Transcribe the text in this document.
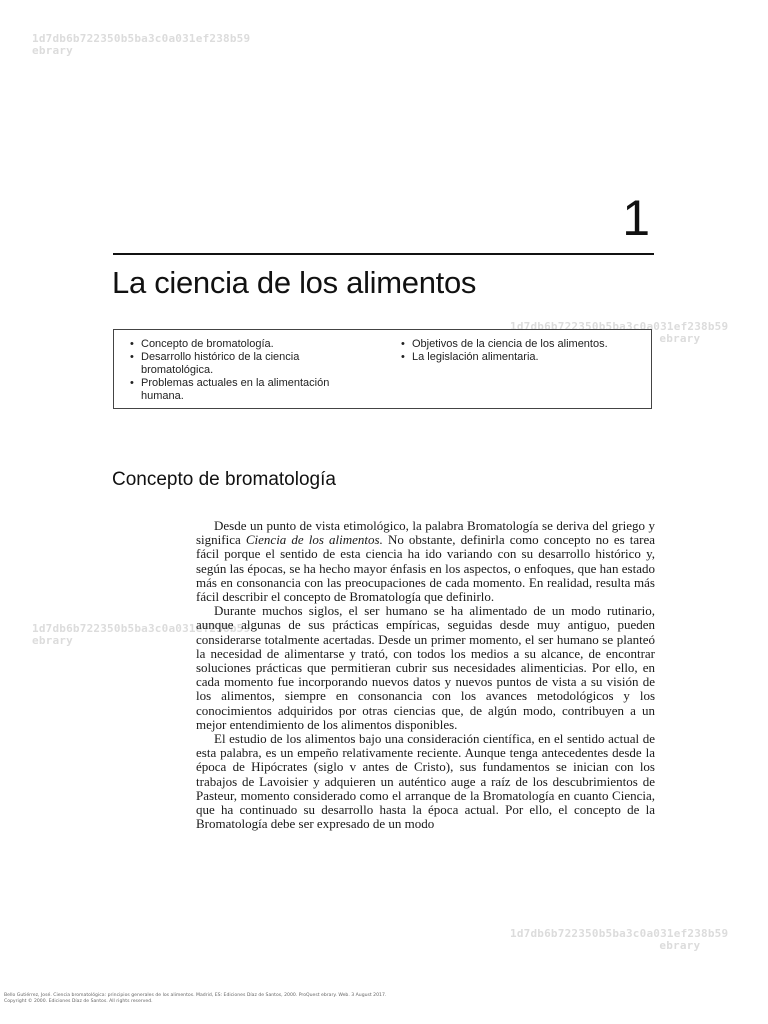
1d7db6b722350b5ba3c0a031ef238b59
ebrary
1d7db6b722350b5ba3c0a031ef238b59
ebrary
1d7db6b722350b5ba3c0a031ef238b59
ebrary
1d7db6b722350b5ba3c0a031ef238b59
ebrary
1
La ciencia de los alimentos
• Concepto de bromatología.
• Desarrollo histórico de la ciencia bromatológica.
• Problemas actuales en la alimentación humana.
• Objetivos de la ciencia de los alimentos.
• La legislación alimentaria.
Concepto de bromatología

Desde un punto de vista etimológico, la palabra Bromatología se deriva del griego y significa Ciencia de los alimentos. No obstante, definirla como concepto no es tarea fácil porque el sentido de esta ciencia ha ido variando con su desarrollo histórico y, según las épocas, se ha hecho mayor énfasis en los aspectos, o enfoques, que han estado más en consonancia con las preocupaciones de cada momento. En realidad, resulta más fácil describir el concepto de Bromatología que definirlo.

Durante muchos siglos, el ser humano se ha alimentado de un modo rutinario, aunque algunas de sus prácticas empíricas, seguidas desde muy antiguo, pueden considerarse totalmente acertadas. Desde un primer momento, el ser humano se planteó la necesidad de alimentarse y trató, con todos los medios a su alcance, de encontrar soluciones prácticas que permitieran cubrir sus necesidades alimenticias. Por ello, en cada momento fue incorporando nuevos datos y nuevos puntos de vista a su visión de los alimentos, siempre en consonancia con los avances metodológicos y los conocimientos adquiridos por otras ciencias que, de algún modo, contribuyen a un mejor entendimiento de los alimentos disponibles.

El estudio de los alimentos bajo una consideración científica, en el sentido actual de esta palabra, es un empeño relativamente reciente. Aunque tenga antecedentes desde la época de Hipócrates (siglo v antes de Cristo), sus fundamentos se inician con los trabajos de Lavoisier y adquieren un auténtico auge a raíz de los descubrimientos de Pasteur, momento considerado como el arranque de la Bromatología en cuanto Ciencia, que ha continuado su desarrollo hasta la época actual. Por ello, el concepto de la Bromatología debe ser expresado de un modo

Bello Gutiérrez, José. Ciencia bromatológica: principios generales de los alimentos. Madrid, ES: Ediciones Díaz de Santos, 2000. ProQuest ebrary. Web. 3 August 2017.
Copyright © 2000. Ediciones Díaz de Santos. All rights reserved.
